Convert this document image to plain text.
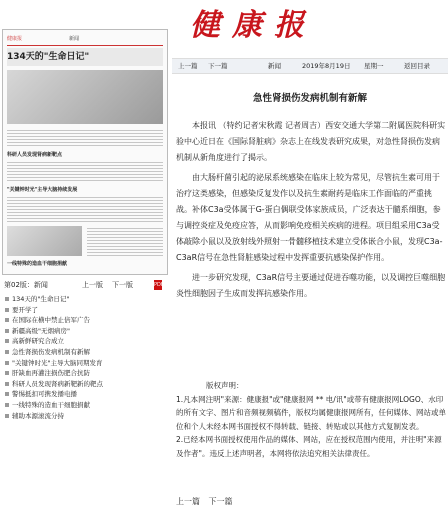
健康报	新闻
134天的"生命日记"
科研人员发现肾病新靶点
"关键钟时光"主导大脑持续发展
一线特殊的造血干细胞捐献
第02版：新闻	上一版 下一版	PDF
134天的"生命日记"
要开学了
在国际在横中禁止倍军广告
新疆高级"无烟病房"
高新鲜研究合成立
急性肾损伤发病机制有新解
"关键钟时光"主导大脑同期发育
肝缺血再灌注损伤肥合抗防
科研人员发现肾病新靶新的靶点
警惕抵扣可携发播电播
一线特殊的造血干细胞捐献
辅助本源滚流分持
健康报
上一篇 下一篇	新闻	2019年8月19日 星期一	返回目录
急性肾损伤发病机制有新解

本报讯 （特约记者宋秋霞 记者周吉）西安交通大学第二附属医院科研实验中心近日在《国际肾脏病》杂志上在线发表研究成果，对急性肾损伤发病机制从新角度进行了揭示。

由大肠杆菌引起的泌尿系统感染在临床上较为常见，尽管抗生素可用于治疗这类感染，但感染反复发作以及抗生素耐药是临床工作面临的严重挑战。补体C3a受体属于G-蛋白偶联受体家族成员，广泛表达于髓系细胞，参与调控炎症及免疫应答，从而影响免疫相关疾病的进程。项目组采用C3a受体敲除小鼠以及放射线外照射一骨髓移植技术建立受体嵌合小鼠，发现C3a-C3aR信号在急性肾脏感染过程中发挥重要抗感染保护作用。

进一步研究发现，C3aR信号主要通过促进吞噬功能，以及调控巨噬细胞炎性细胞因子生成而发挥抗感染作用。

版权声明：
1.凡本网注明"来源：健康报"或"健康报网 ** 电/讯"或带有健康报网LOGO、水印的所有文字、图片和音频视频稿件，版权均属健康报网所有，任何媒体、网站或单位和个人未经本网书面授权不得转载、链接、转贴或以其他方式复制发表。
2.已经本网书面授权使用作品的媒体、网站，应在授权范围内使用，并注明"来源及作者"。违反上述声明者，本网将依法追究相关法律责任。
上一篇 下一篇
